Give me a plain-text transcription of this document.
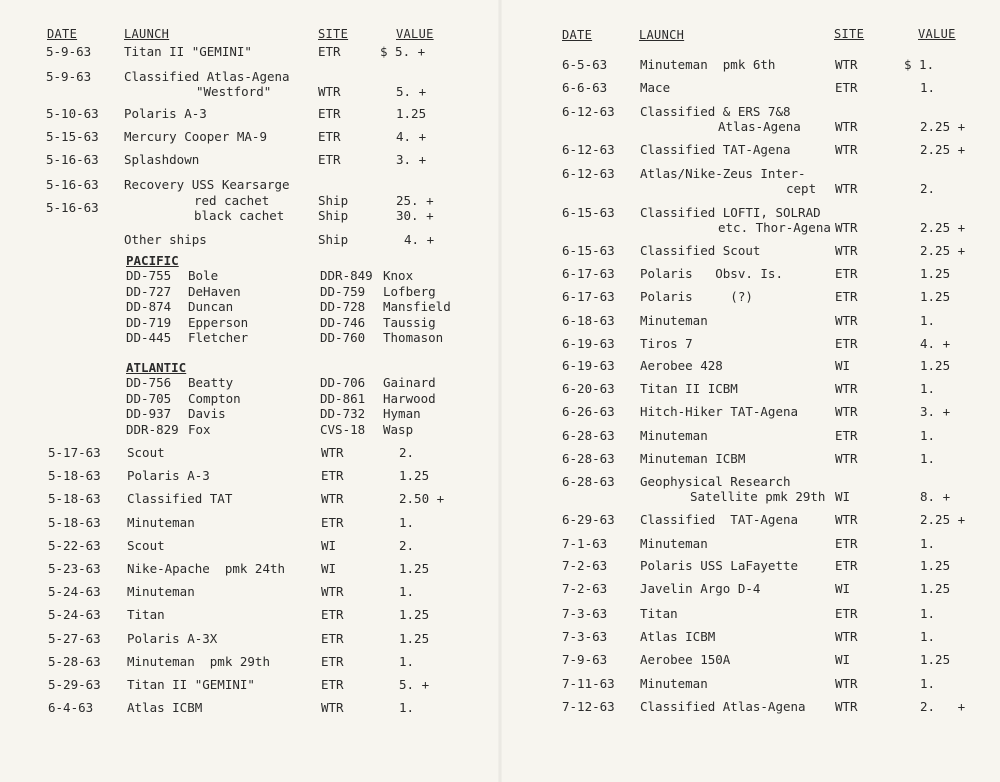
DATE	LAUNCH	SITE	VALUE
5-9-63	Titan II "GEMINI"	ETR	$ 5. +
5-9-63	Classified Atlas-Agena
"Westford"	WTR	5. +
5-10-63 Polaris A-3	ETR	1.25
5-15-63 Mercury Cooper MA-9	ETR	4. +
5-16-63 Splashdown	ETR	3. +
5-16-63 Recovery USS Kearsarge
5-16-63	red cachet	Ship	25. +
black cachet	Ship	30. +
Other ships	Ship	4. +
PACIFIC
DD-755 Bole	DDR-849 Knox
DD-727 DeHaven	DD-759 Lofberg
DD-874 Duncan	DD-728 Mansfield
DD-719 Epperson	DD-746 Taussig
DD-445 Fletcher	DD-760 Thomason
ATLANTIC
DD-756 Beatty	DD-706 Gainard
DD-705 Compton	DD-861 Harwood
DD-937 Davis	DD-732 Hyman
DDR-829 Fox	CVS-18 Wasp
5-17-63 Scout	WTR	2.
5-18-63 Polaris A-3	ETR	1.25
5-18-63 Classified TAT	WTR	2.50 +
5-18-63 Minuteman	ETR	1.
5-22-63 Scout	WI	2.
5-23-63 Nike-Apache  pmk 24th	WI	1.25
5-24-63 Minuteman	WTR	1.
5-24-63 Titan	ETR	1.25
5-27-63 Polaris A-3X	ETR	1.25
5-28-63 Minuteman  pmk 29th	ETR	1.
5-29-63 Titan II "GEMINI"	ETR	5. +
6-4-63	Atlas ICBM	WTR	1.
DATE	LAUNCH	SITE	VALUE
6-5-63	Minuteman  pmk 6th	WTR	$ 1.
6-6-63	Mace	ETR	1.
6-12-63 Classified & ERS 7&8
Atlas-Agena	WTR	2.25 +
6-12-63 Classified TAT-Agena	WTR	2.25 +
6-12-63 Atlas/Nike-Zeus Inter-
cept WTR	2.
6-15-63 Classified LOFTI, SOLRAD
etc. Thor-Agena WTR	2.25 +
6-15-63 Classified Scout	WTR	2.25 +
6-17-63 Polaris   Obsv. Is.	ETR	1.25
6-17-63 Polaris     (?)	ETR	1.25
6-18-63 Minuteman	WTR	1.
6-19-63 Tiros 7	ETR	4. +
6-19-63 Aerobee 428	WI	1.25
6-20-63 Titan II ICBM	WTR	1.
6-26-63 Hitch-Hiker TAT-Agena	WTR	3. +
6-28-63 Minuteman	ETR	1.
6-28-63 Minuteman ICBM	WTR	1.
6-28-63 Geophysical Research
Satellite pmk 29th WI	8. +
6-29-63 Classified  TAT-Agena	WTR	2.25 +
7-1-63	Minuteman	ETR	1.
7-2-63	Polaris USS LaFayette	ETR	1.25
7-2-63	Javelin Argo D-4	WI	1.25
7-3-63	Titan	ETR	1.
7-3-63	Atlas ICBM	WTR	1.
7-9-63	Aerobee 150A	WI	1.25
7-11-63 Minuteman	WTR	1.
7-12-63 Classified Atlas-Agena WTR	2.   +
